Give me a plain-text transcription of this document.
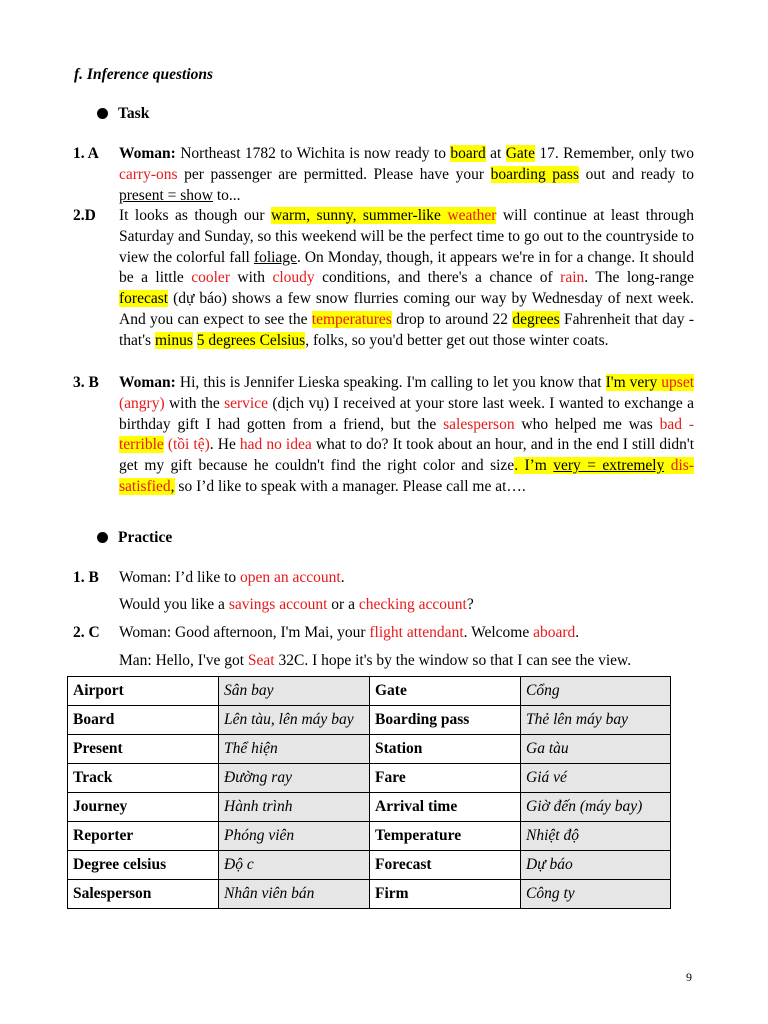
f. Inference questions
Task
1. A Woman: Northeast 1782 to Wichita is now ready to board at Gate 17. Remember, only two carry-ons per passenger are permitted. Please have your boarding pass out and ready to present = show to...
2.D It looks as though our warm, sunny, summer-like weather will continue at least through Saturday and Sunday, so this weekend will be the perfect time to go out to the countryside to view the colorful fall foliage. On Monday, though, it appears we're in for a change. It should be a little cooler with cloudy conditions, and there's a chance of rain. The long-range forecast (dự báo) shows a few snow flurries coming our way by Wednesday of next week. And you can expect to see the temperatures drop to around 22 degrees Fahrenheit that day - that's minus 5 degrees Celsius, folks, so you'd better get out those winter coats.
3. B Woman: Hi, this is Jennifer Lieska speaking. I'm calling to let you know that I'm very upset (angry) with the service (dịch vụ) I received at your store last week. I wanted to exchange a birthday gift I had gotten from a friend, but the salesperson who helped me was bad - terrible (tồi tệ). He had no idea what to do? It took about an hour, and in the end I still didn't get my gift because he couldn't find the right color and size. I’m very = extremely dis-satisfied, so I’d like to speak with a manager. Please call me at….
Practice
1. B Woman: I’d like to open an account.
Would you like a savings account or a checking account?
2. C Woman: Good afternoon, I'm Mai, your flight attendant. Welcome aboard.
Man: Hello, I've got Seat 32C. I hope it's by the window so that I can see the view.
Airport	Sân bay	Gate	Cổng
Board	Lên tàu, lên máy bay	Boarding pass	Thẻ lên máy bay
Present	Thể hiện	Station	Ga tàu
Track	Đường ray	Fare	Giá vé
Journey	Hành trình	Arrival time	Giờ đến (máy bay)
Reporter	Phóng viên	Temperature	Nhiệt độ
Degree celsius	Độ c	Forecast	Dự báo
Salesperson	Nhân viên bán	Firm	Công ty
9
